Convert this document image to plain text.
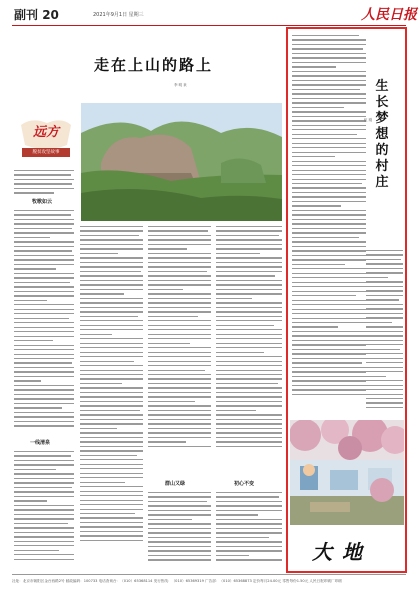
副刊 20	2021年9月1日 星期三	人民日报
走在上山的路上
李 明 泉
远方
脱贫攻坚故事
牧歌如云
一线清泉
群山又绿	初心不变
生
长
梦
想
的
村
庄
伍 刚
大地
社址：北京市朝阳区金台西路2号 邮政编码：100733 电话查询台：（010）65368114 发行热线：（010）65369319 广告部：（010）65368873 定价每月24.00元 零售每份1.50元 人民日报印刷厂印刷
